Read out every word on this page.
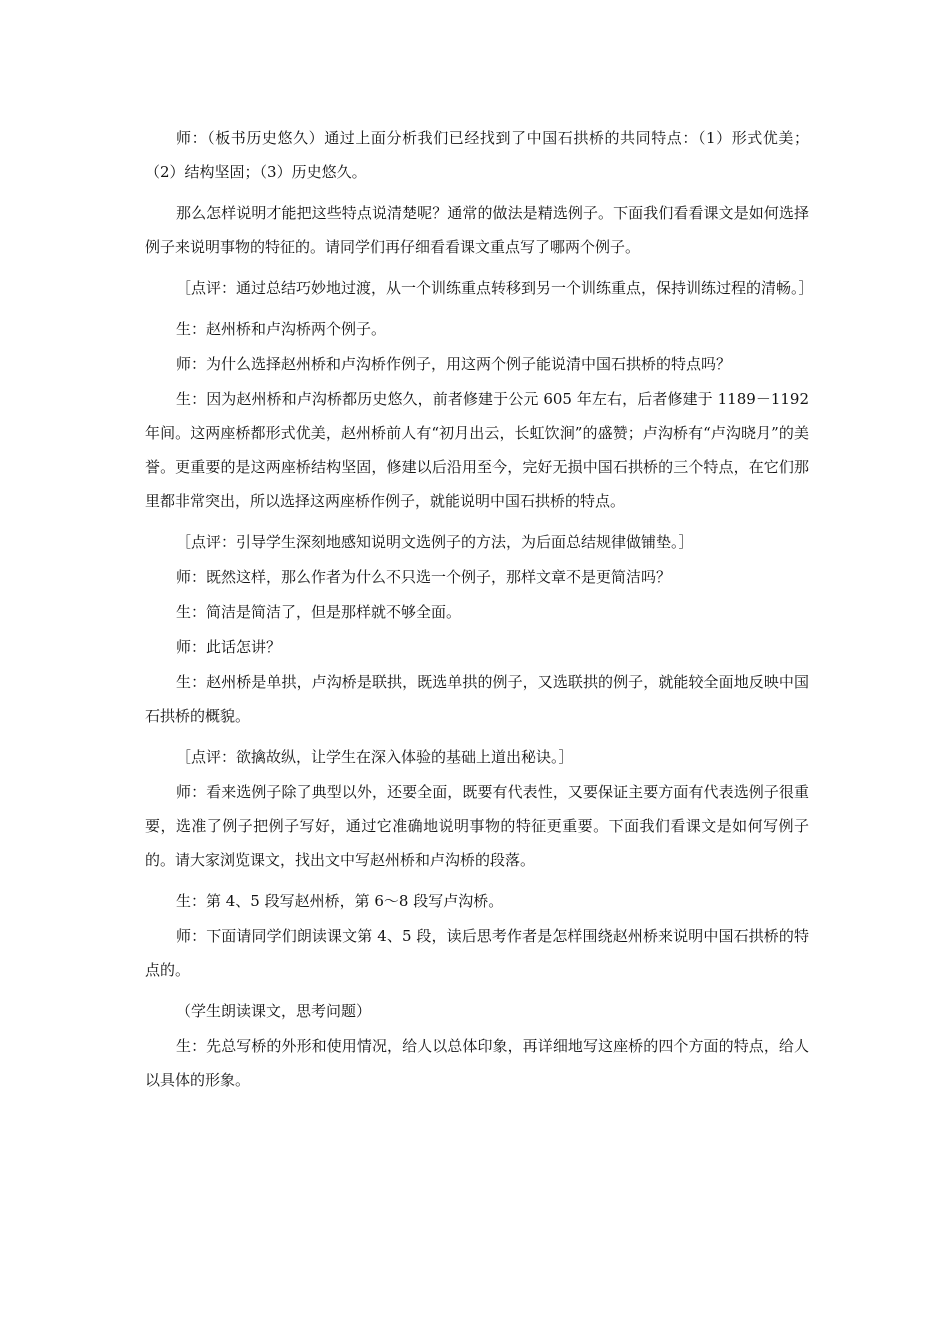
师：（板书历史悠久）通过上面分析我们已经找到了中国石拱桥的共同特点：（1）形式优美；（2）结构坚固；（3）历史悠久。

那么怎样说明才能把这些特点说清楚呢？通常的做法是精选例子。下面我们看看课文是如何选择例子来说明事物的特征的。请同学们再仔细看看课文重点写了哪两个例子。

［点评：通过总结巧妙地过渡，从一个训练重点转移到另一个训练重点，保持训练过程的清畅。］

生：赵州桥和卢沟桥两个例子。

师：为什么选择赵州桥和卢沟桥作例子，用这两个例子能说清中国石拱桥的特点吗？

生：因为赵州桥和卢沟桥都历史悠久，前者修建于公元 605 年左右，后者修建于 1189－1192 年间。这两座桥都形式优美，赵州桥前人有“初月出云，长虹饮涧”的盛赞；卢沟桥有“卢沟晓月”的美誉。更重要的是这两座桥结构坚固，修建以后沿用至今，完好无损中国石拱桥的三个特点，在它们那里都非常突出，所以选择这两座桥作例子，就能说明中国石拱桥的特点。

［点评：引导学生深刻地感知说明文选例子的方法，为后面总结规律做铺垫。］

师：既然这样，那么作者为什么不只选一个例子，那样文章不是更简洁吗？

生：简洁是简洁了，但是那样就不够全面。

师：此话怎讲？

生：赵州桥是单拱，卢沟桥是联拱，既选单拱的例子，又选联拱的例子，就能较全面地反映中国石拱桥的概貌。

［点评：欲擒故纵，让学生在深入体验的基础上道出秘诀。］

师：看来选例子除了典型以外，还要全面，既要有代表性，又要保证主要方面有代表选例子很重要，选准了例子把例子写好，通过它准确地说明事物的特征更重要。下面我们看课文是如何写例子的。请大家浏览课文，找出文中写赵州桥和卢沟桥的段落。

生：第 4、5 段写赵州桥，第 6～8 段写卢沟桥。

师：下面请同学们朗读课文第 4、5 段，读后思考作者是怎样围绕赵州桥来说明中国石拱桥的特点的。

（学生朗读课文，思考问题）

生：先总写桥的外形和使用情况，给人以总体印象，再详细地写这座桥的四个方面的特点，给人以具体的形象。
